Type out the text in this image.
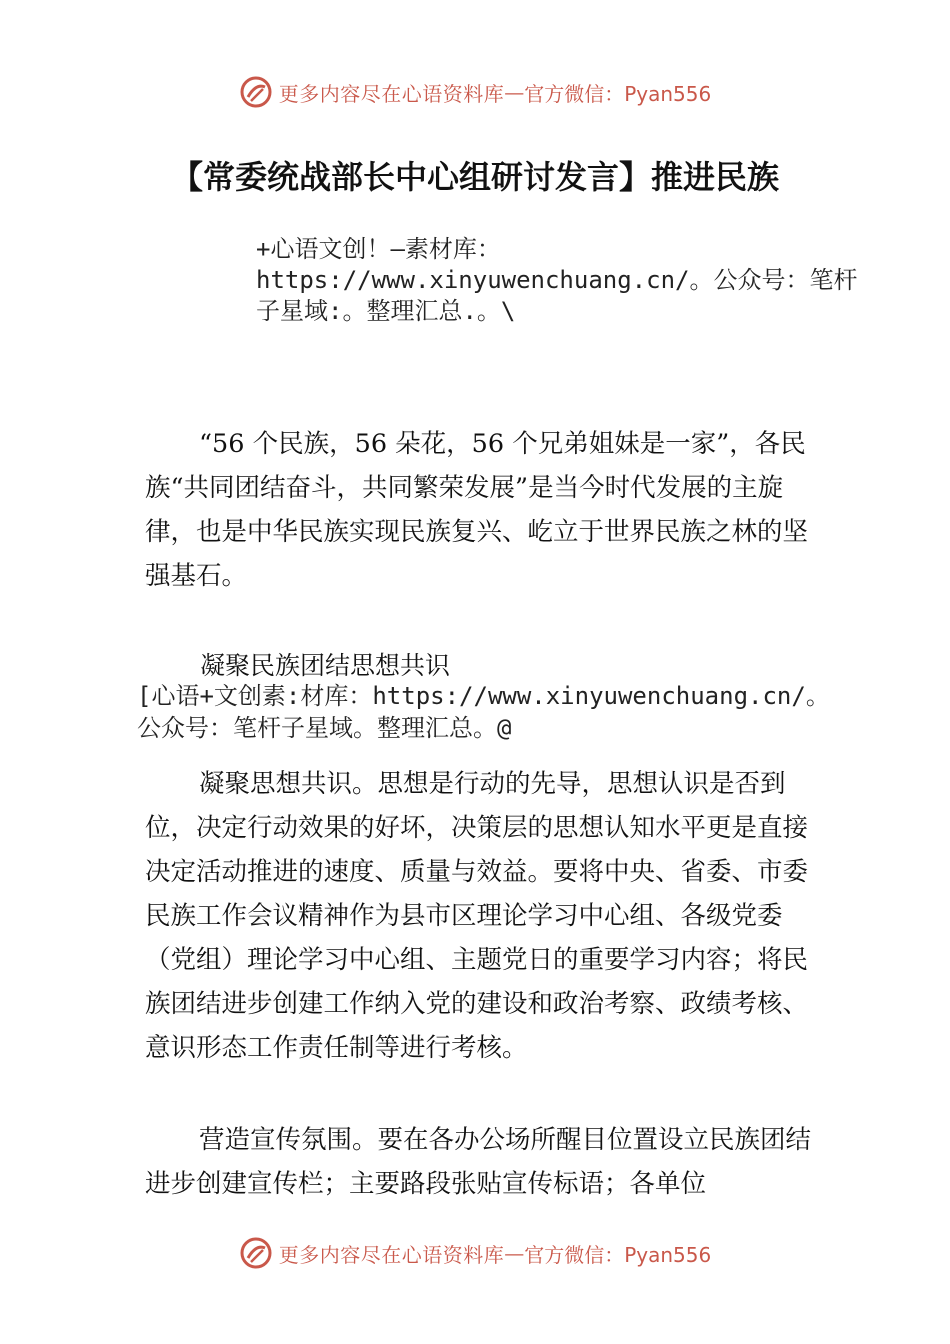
更多内容尽在心语资料库 — 官方微信：Pyan556
【常委统战部长中心组研讨发言】推进民族
+心语文创！—素材库：https://www.xinyuwenchuang.cn/。公众号：笔杆子星域:。整理汇总.。\
“56 个民族，56 朵花，56 个兄弟姐妹是一家”，各民族“共同团结奋斗，共同繁荣发展”是当今时代发展的主旋律，也是中华民族实现民族复兴、屹立于世界民族之林的坚强基石。
凝聚民族团结思想共识
[心语+文创素:材库：https://www.xinyuwenchuang.cn/。公众号：笔杆子星域。整理汇总。@
凝聚思想共识。思想是行动的先导，思想认识是否到位，决定行动效果的好坏，决策层的思想认知水平更是直接决定活动推进的速度、质量与效益。要将中央、省委、市委民族工作会议精神作为县市区理论学习中心组、各级党委（党组）理论学习中心组、主题党日的重要学习内容；将民族团结进步创建工作纳入党的建设和政治考察、政绩考核、意识形态工作责任制等进行考核。
营造宣传氛围。要在各办公场所醒目位置设立民族团结进步创建宣传栏；主要路段张贴宣传标语；各单位
更多内容尽在心语资料库 — 官方微信：Pyan556
